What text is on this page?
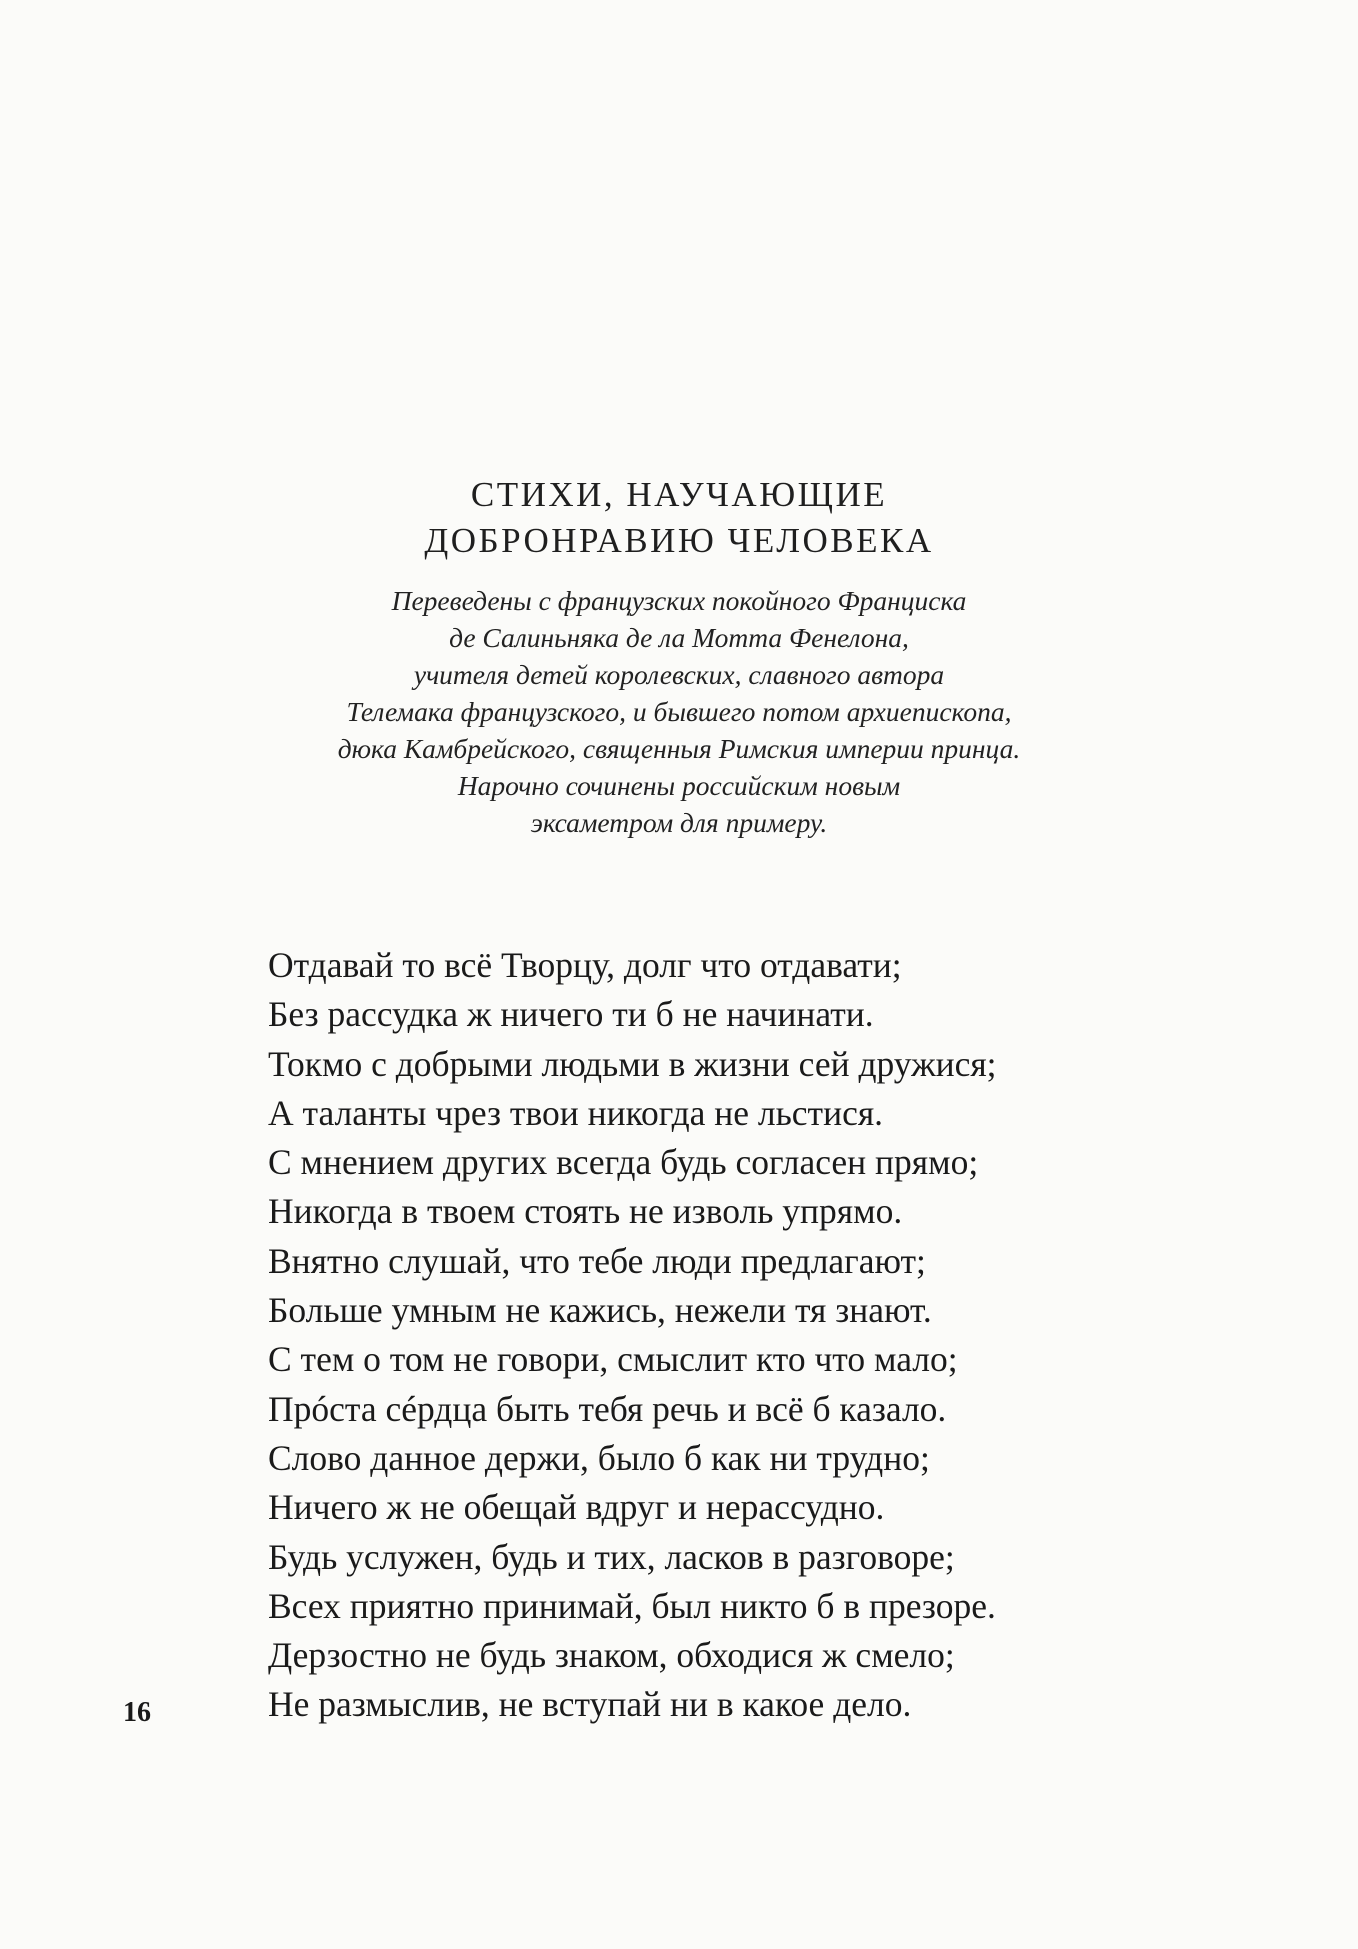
СТИХИ, НАУЧАЮЩИЕ
ДОБРОНРАВИЮ ЧЕЛОВЕКА
Переведены с французских покойного Франциска
де Салиньняка де ла Мотта Фенелона,
учителя детей королевских, славного автора
Телемака французского, и бывшего потом архиепископа,
дюка Камбрейского, священныя Римския империи принца.
Нарочно сочинены российским новым
эксаметром для примеру.
Отдавай то всё Творцу, долг что отдавати;
Без рассудка ж ничего ти б не начинати.
Токмо с добрыми людьми в жизни сей дружися;
А таланты чрез твои никогда не льстися.
С мнением других всегда будь согласен прямо;
Никогда в твоем стоять не изволь упрямо.
Внятно слушай, что тебе люди предлагают;
Больше умным не кажись, нежели тя знают.
С тем о том не говори, смыслит кто что мало;
Прóста сéрдца быть тебя речь и всё б казало.
Слово данное держи, было б как ни трудно;
Ничего ж не обещай вдруг и нерассудно.
Будь услужен, будь и тих, ласков в разговоре;
Всех приятно принимай, был никто б в презоре.
Дерзостно не будь знаком, обходися ж смело;
Не размыслив, не вступай ни в какое дело.
16
